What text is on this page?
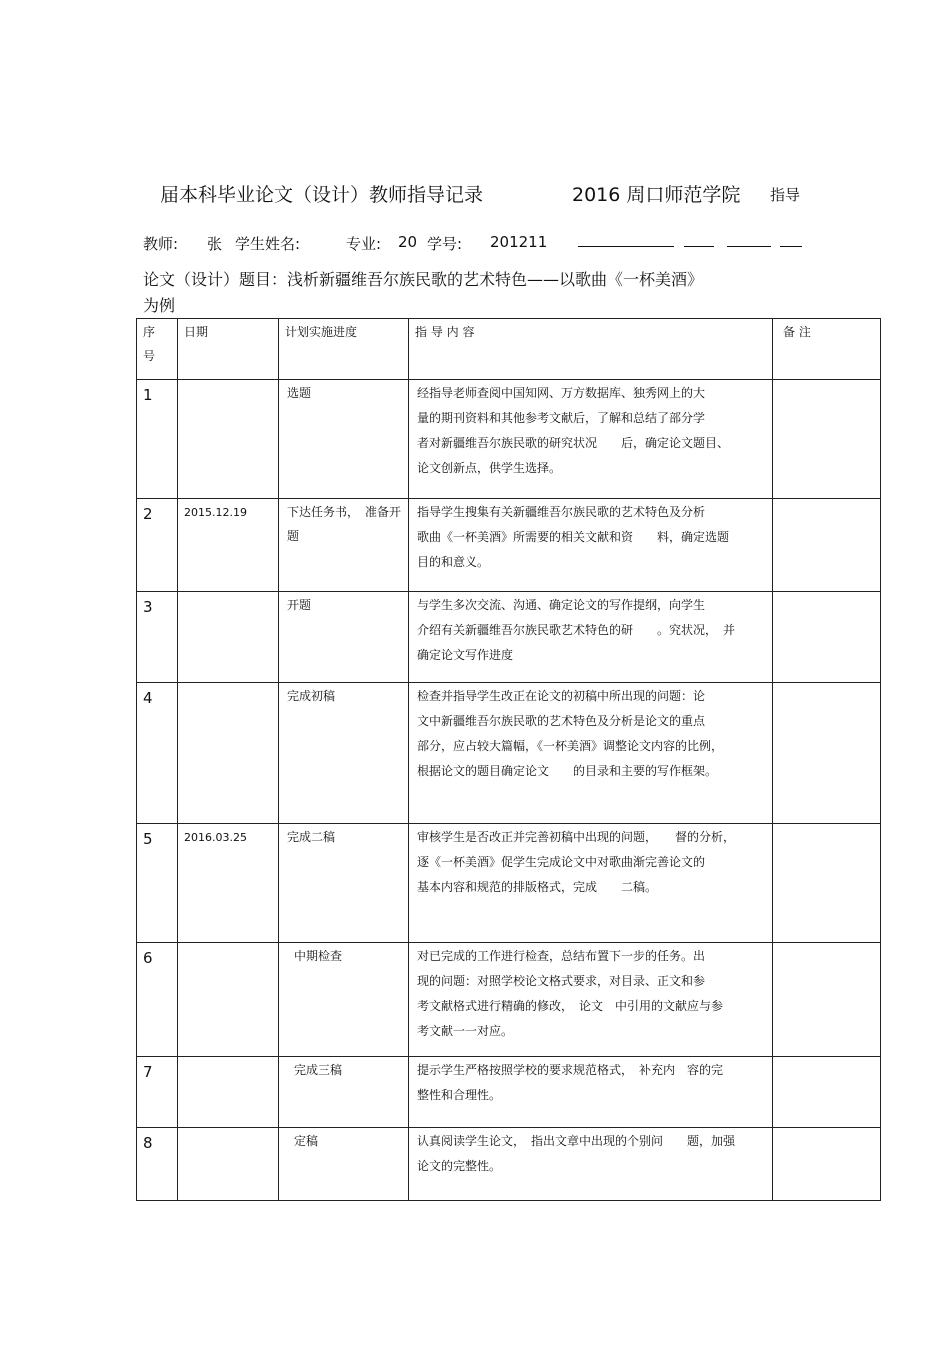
届本科毕业论文（设计）教师指导记录	2016 周口师范学院 指导
教师: 张 学生姓名:	专业: 20 学号: 201211
论文（设计）题目：浅析新疆维吾尔族民歌的艺术特色——以歌曲《一杯美酒》
为例
序号	日期	计划实施进度	指 导 内 容	备 注

1		选题	经指导老师查阅中国知网、万方数据库、独秀网上的大
量的期刊资料和其他参考文献后，了解和总结了部分学
者对新疆维吾尔族民歌的研究状况　　后，确定论文题目、
论文创新点，供学生选择。	

2	2015.12.19	下达任务书，　准备开题	指导学生搜集有关新疆维吾尔族民歌的艺术特色及分析
歌曲《一杯美酒》所需要的相关文献和资　　料，确定选题
目的和意义。	

3		开题	与学生多次交流、沟通、确定论文的写作提纲，向学生
介绍有关新疆维吾尔族民歌艺术特色的研　　。究状况，　并
确定论文写作进度	

4		完成初稿	检查并指导学生改正在论文的初稿中所出现的问题：论
文中新疆维吾尔族民歌的艺术特色及分析是论文的重点
部分，应占较大篇幅，《一杯美酒》调整论文内容的比例，
根据论文的题目确定论文　　的目录和主要的写作框架。	

5	2016.03.25	完成二稿	审核学生是否改正并完善初稿中出现的问题，　　督的分析，
逐《一杯美酒》促学生完成论文中对歌曲渐完善论文的
基本内容和规范的排版格式，完成　　二稿。	

6		中期检查	对已完成的工作进行检查，总结布置下一步的任务。出
现的问题：对照学校论文格式要求，对目录、正文和参
考文献格式进行精确的修改，　论文　中引用的文献应与参
考文献一一对应。	

7		完成三稿	提示学生严格按照学校的要求规范格式，　补充内　容的完
整性和合理性。	

8		定稿	认真阅读学生论文，　指出文章中出现的个别问　　题，加强
论文的完整性。	
